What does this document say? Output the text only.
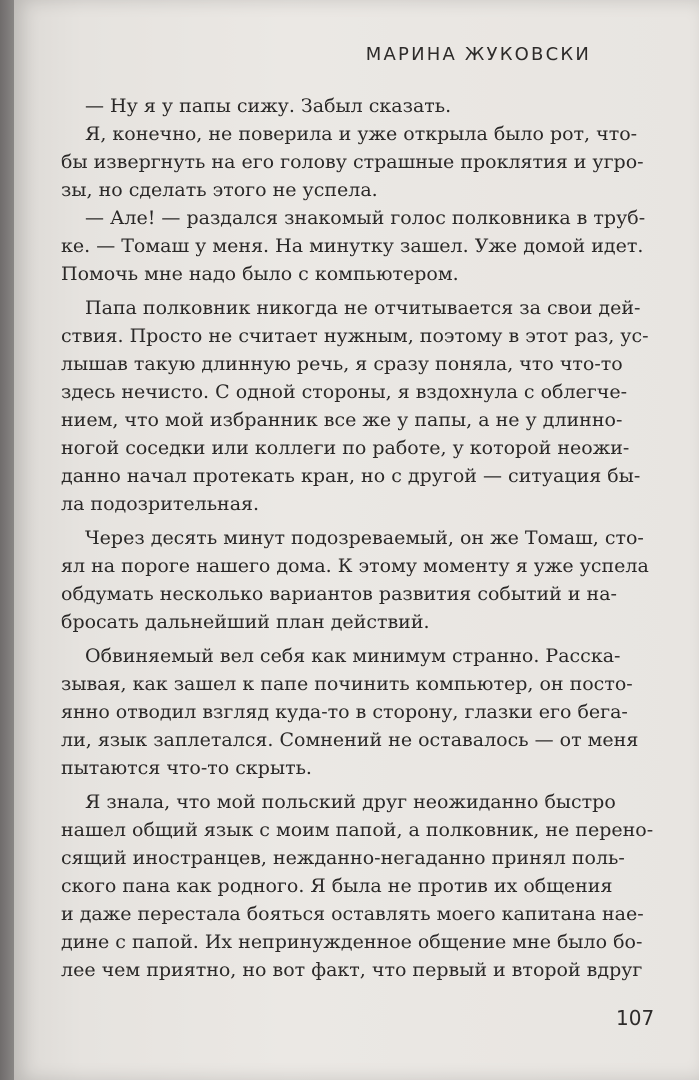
МАРИНА ЖУКОВСКИ
— Ну я у папы сижу. Забыл сказать.
Я, конечно, не поверила и уже открыла было рот, что-
бы извергнуть на его голову страшные проклятия и угро-
зы, но сделать этого не успела.
— Але! — раздался знакомый голос полковника в труб-
ке. — Томаш у меня. На минутку зашел. Уже домой идет.
Помочь мне надо было с компьютером.
Папа полковник никогда не отчитывается за свои дей-
ствия. Просто не считает нужным, поэтому в этот раз, ус-
лышав такую длинную речь, я сразу поняла, что что-то
здесь нечисто. С одной стороны, я вздохнула с облегче-
нием, что мой избранник все же у папы, а не у длинно-
ногой соседки или коллеги по работе, у которой неожи-
данно начал протекать кран, но с другой — ситуация бы-
ла подозрительная.
Через десять минут подозреваемый, он же Томаш, сто-
ял на пороге нашего дома. К этому моменту я уже успела
обдумать несколько вариантов развития событий и на-
бросать дальнейший план действий.
Обвиняемый вел себя как минимум странно. Расска-
зывая, как зашел к папе починить компьютер, он посто-
янно отводил взгляд куда-то в сторону, глазки его бега-
ли, язык заплетался. Сомнений не оставалось — от меня
пытаются что-то скрыть.
Я знала, что мой польский друг неожиданно быстро
нашел общий язык с моим папой, а полковник, не перено-
сящий иностранцев, нежданно-негаданно принял поль-
ского пана как родного. Я была не против их общения
и даже перестала бояться оставлять моего капитана нае-
дине с папой. Их непринужденное общение мне было бо-
лее чем приятно, но вот факт, что первый и второй вдруг
107
